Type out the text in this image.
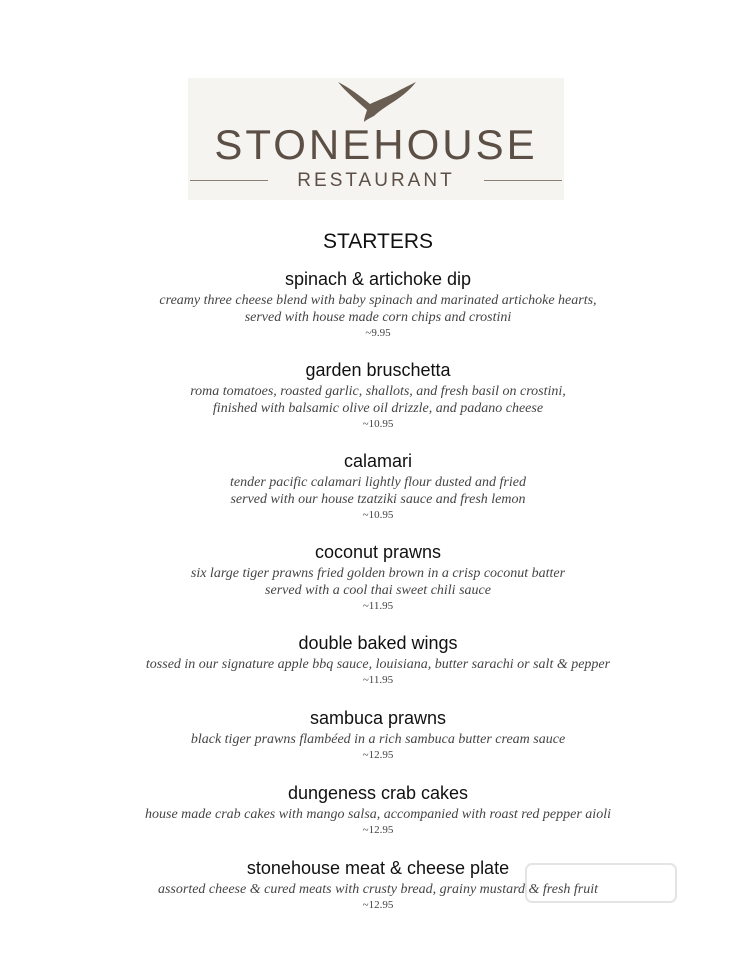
STONEHOUSE
RESTAURANT
STARTERS
spinach & artichoke dip
creamy three cheese blend with baby spinach and marinated artichoke hearts,
served with house made corn chips and crostini
~9.95
garden bruschetta
roma tomatoes, roasted garlic, shallots, and fresh basil on crostini,
finished with balsamic olive oil drizzle, and padano cheese
~10.95
calamari
tender pacific calamari lightly flour dusted and fried
served with our house tzatziki sauce and fresh lemon
~10.95
coconut prawns
six large tiger prawns fried golden brown in a crisp coconut batter
served with a cool thai sweet chili sauce
~11.95
double baked wings
tossed in our signature apple bbq sauce, louisiana, butter sarachi or salt & pepper
~11.95
sambuca prawns
black tiger prawns flambéed in a rich sambuca butter cream sauce
~12.95
dungeness crab cakes
house made crab cakes with mango salsa, accompanied with roast red pepper aioli
~12.95
stonehouse meat & cheese plate
assorted cheese & cured meats with crusty bread, grainy mustard & fresh fruit
~12.95
